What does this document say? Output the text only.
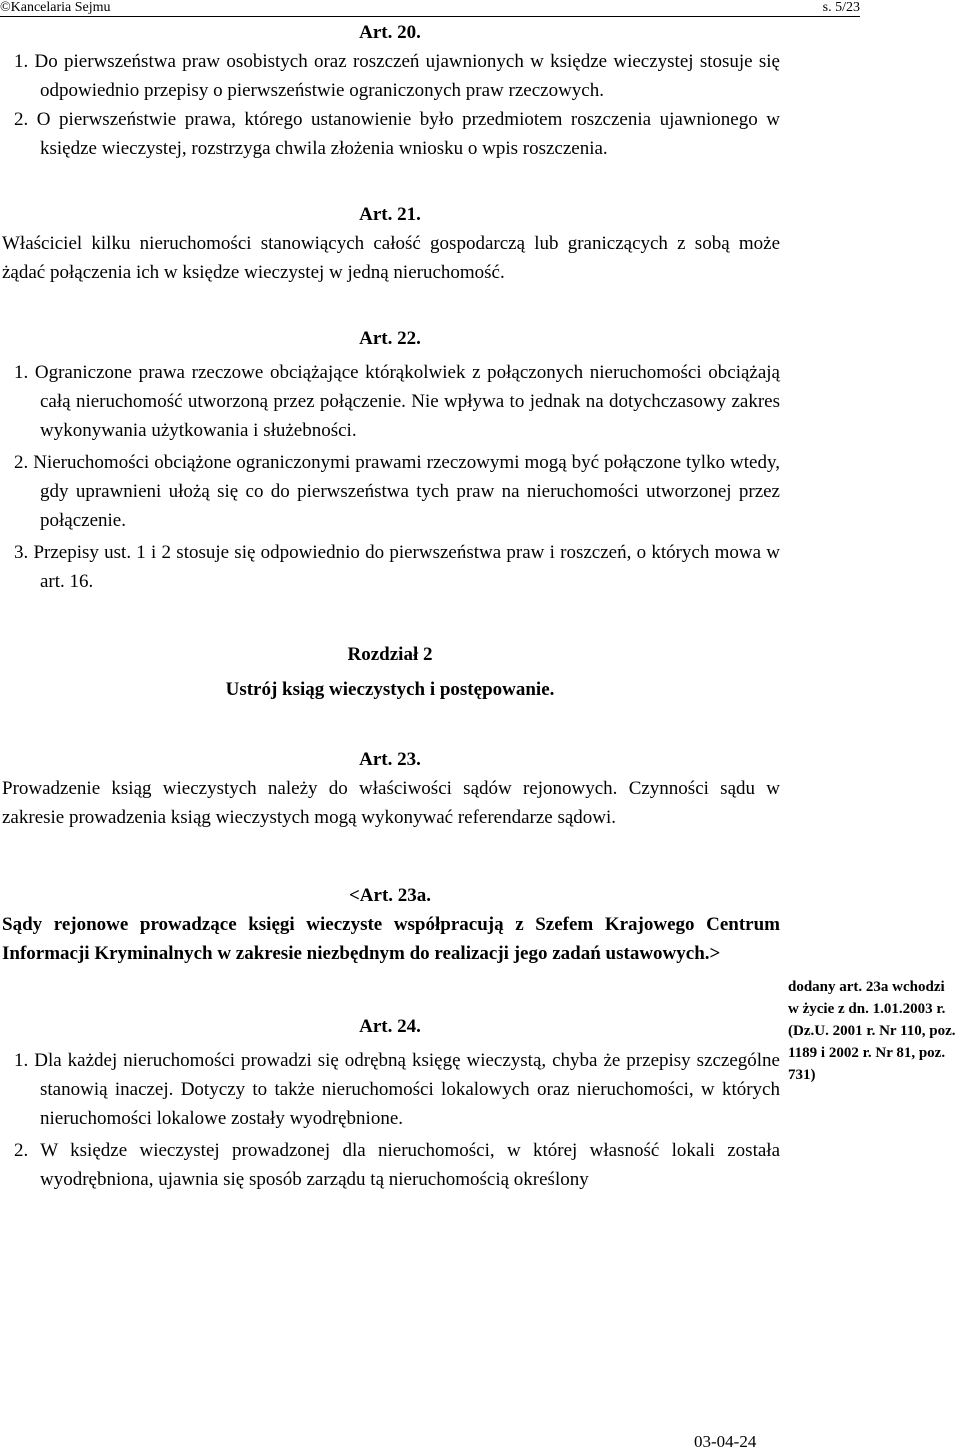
©Kancelaria Sejmu	s. 5/23

Art. 20.

1. Do pierwszeństwa praw osobistych oraz roszczeń ujawnionych w księdze wieczystej stosuje się odpowiednio przepisy o pierwszeństwie ograniczonych praw rzeczowych.

2. O pierwszeństwie prawa, którego ustanowienie było przedmiotem roszczenia ujawnionego w księdze wieczystej, rozstrzyga chwila złożenia wniosku o wpis roszczenia.

Art. 21.

Właściciel kilku nieruchomości stanowiących całość gospodarczą lub graniczących z sobą może żądać połączenia ich w księdze wieczystej w jedną nieruchomość.

Art. 22.

1. Ograniczone prawa rzeczowe obciążające którąkolwiek z połączonych nieruchomości obciążają całą nieruchomość utworzoną przez połączenie. Nie wpływa to jednak na dotychczasowy zakres wykonywania użytkowania i służebności.

2. Nieruchomości obciążone ograniczonymi prawami rzeczowymi mogą być połączone tylko wtedy, gdy uprawnieni ułożą się co do pierwszeństwa tych praw na nieruchomości utworzonej przez połączenie.

3. Przepisy ust. 1 i 2 stosuje się odpowiednio do pierwszeństwa praw i roszczeń, o których mowa w art. 16.

Rozdział 2

Ustrój ksiąg wieczystych i postępowanie.

Art. 23.

Prowadzenie ksiąg wieczystych należy do właściwości sądów rejonowych. Czynności sądu w zakresie prowadzenia ksiąg wieczystych mogą wykonywać referendarze sądowi.

<Art. 23a.

Sądy rejonowe prowadzące księgi wieczyste współpracują z Szefem Krajowego Centrum Informacji Kryminalnych w zakresie niezbędnym do realizacji jego zadań ustawowych.>

Art. 24.

1. Dla każdej nieruchomości prowadzi się odrębną księgę wieczystą, chyba że przepisy szczególne stanowią inaczej. Dotyczy to także nieruchomości lokalowych oraz nieruchomości, w których nieruchomości lokalowe zostały wyodrębnione.

2. W księdze wieczystej prowadzonej dla nieruchomości, w której własność lokali została wyodrębniona, ujawnia się sposób zarządu tą nieruchomością określony

dodany art. 23a wchodzi w życie z dn. 1.01.2003 r. (Dz.U. 2001 r. Nr 110, poz. 1189 i 2002 r. Nr 81, poz. 731)
03-04-24
